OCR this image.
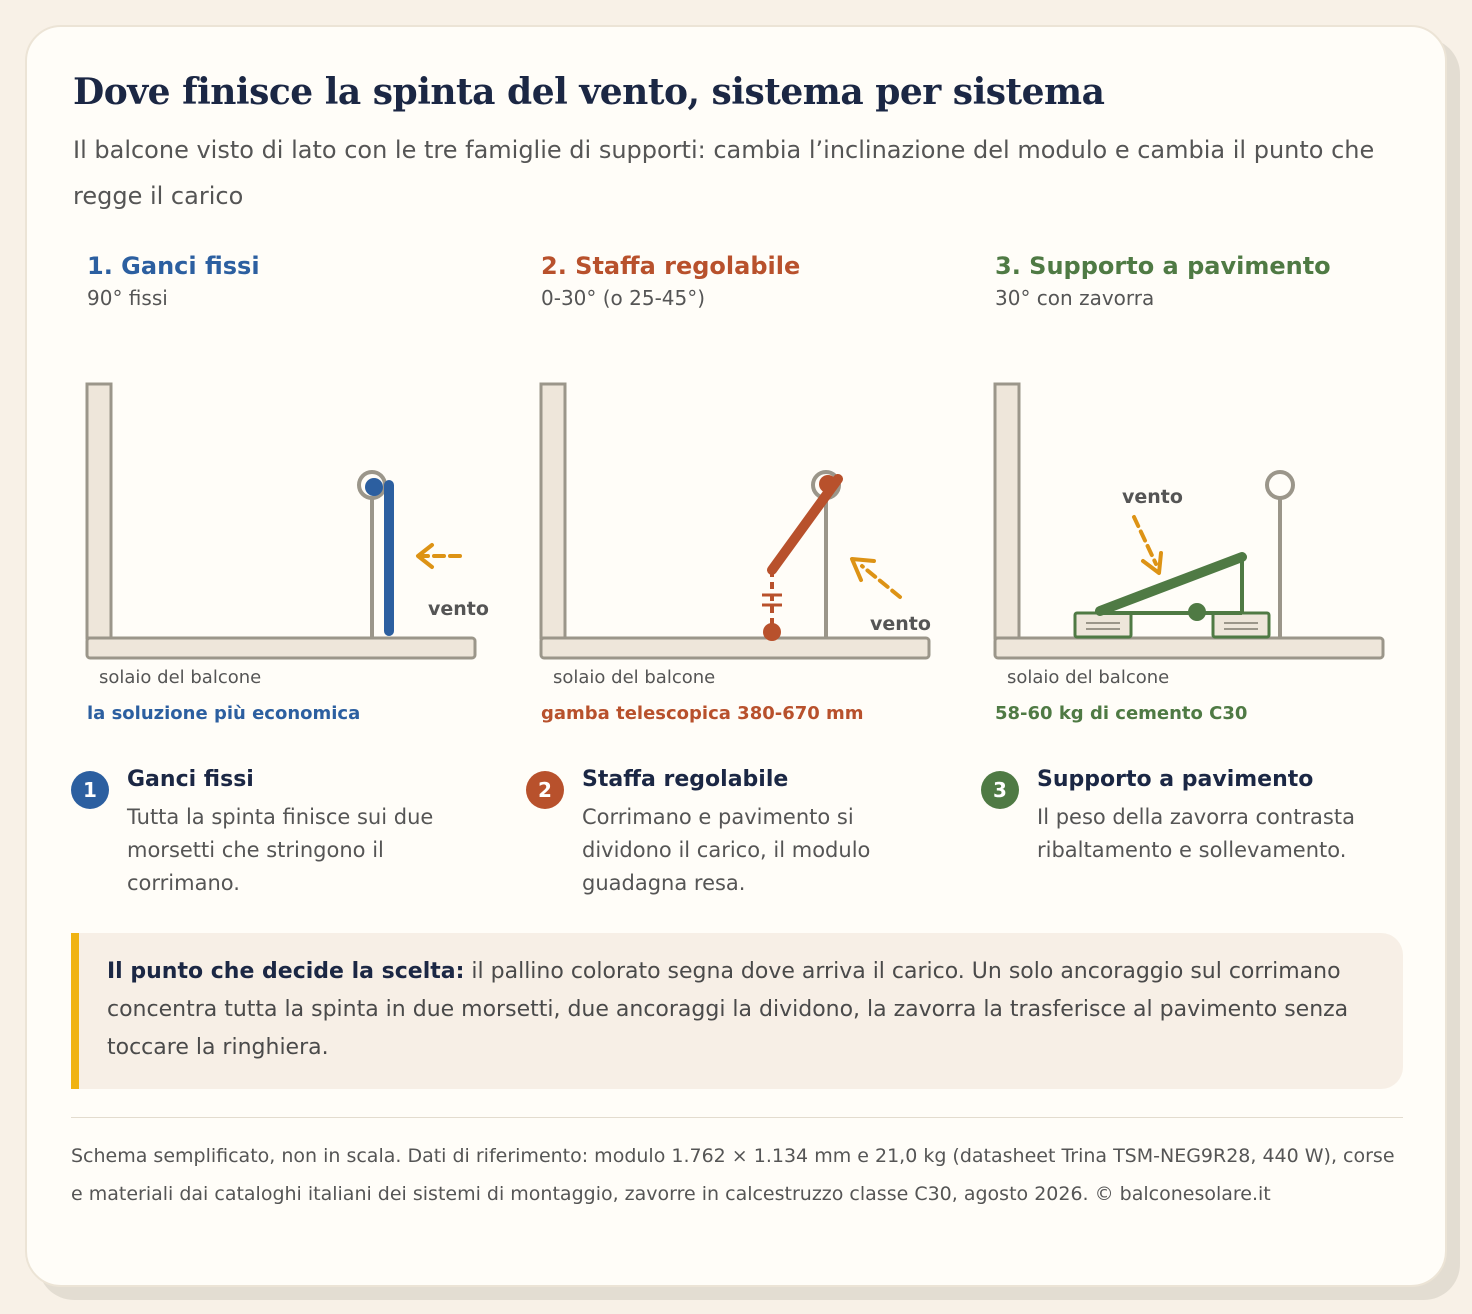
Dove finisce la spinta del vento, sistema per sistema

Il balcone visto di lato con le tre famiglie di supporti: cambia l’inclinazione del modulo e cambia il punto che regge il carico

1. Ganci fissi
90° fissi
2. Staffa regolabile
0-30° (o 25-45°)
3. Supporto a pavimento
30° con zavorra
vento
vento
vento
solaio del balcone	solaio del balcone	solaio del balcone
la soluzione più economica	gamba telescopica 380-670 mm	58-60 kg di cemento C30
1	Ganci fissi
Tutta la spinta finisce sui due morsetti che stringono il corrimano.
2	Staffa regolabile
Corrimano e pavimento si dividono il carico, il modulo guadagna resa.
3	Supporto a pavimento
Il peso della zavorra contrasta ribaltamento e sollevamento.
Il punto che decide la scelta: il pallino colorato segna dove arriva il carico. Un solo ancoraggio sul corrimano concentra tutta la spinta in due morsetti, due ancoraggi la dividono, la zavorra la trasferisce al pavimento senza toccare la ringhiera.

Schema semplificato, non in scala. Dati di riferimento: modulo 1.762 × 1.134 mm e 21,0 kg (datasheet Trina TSM-NEG9R28, 440 W), corse e materiali dai cataloghi italiani dei sistemi di montaggio, zavorre in calcestruzzo classe C30, agosto 2026. © balconesolare.it
